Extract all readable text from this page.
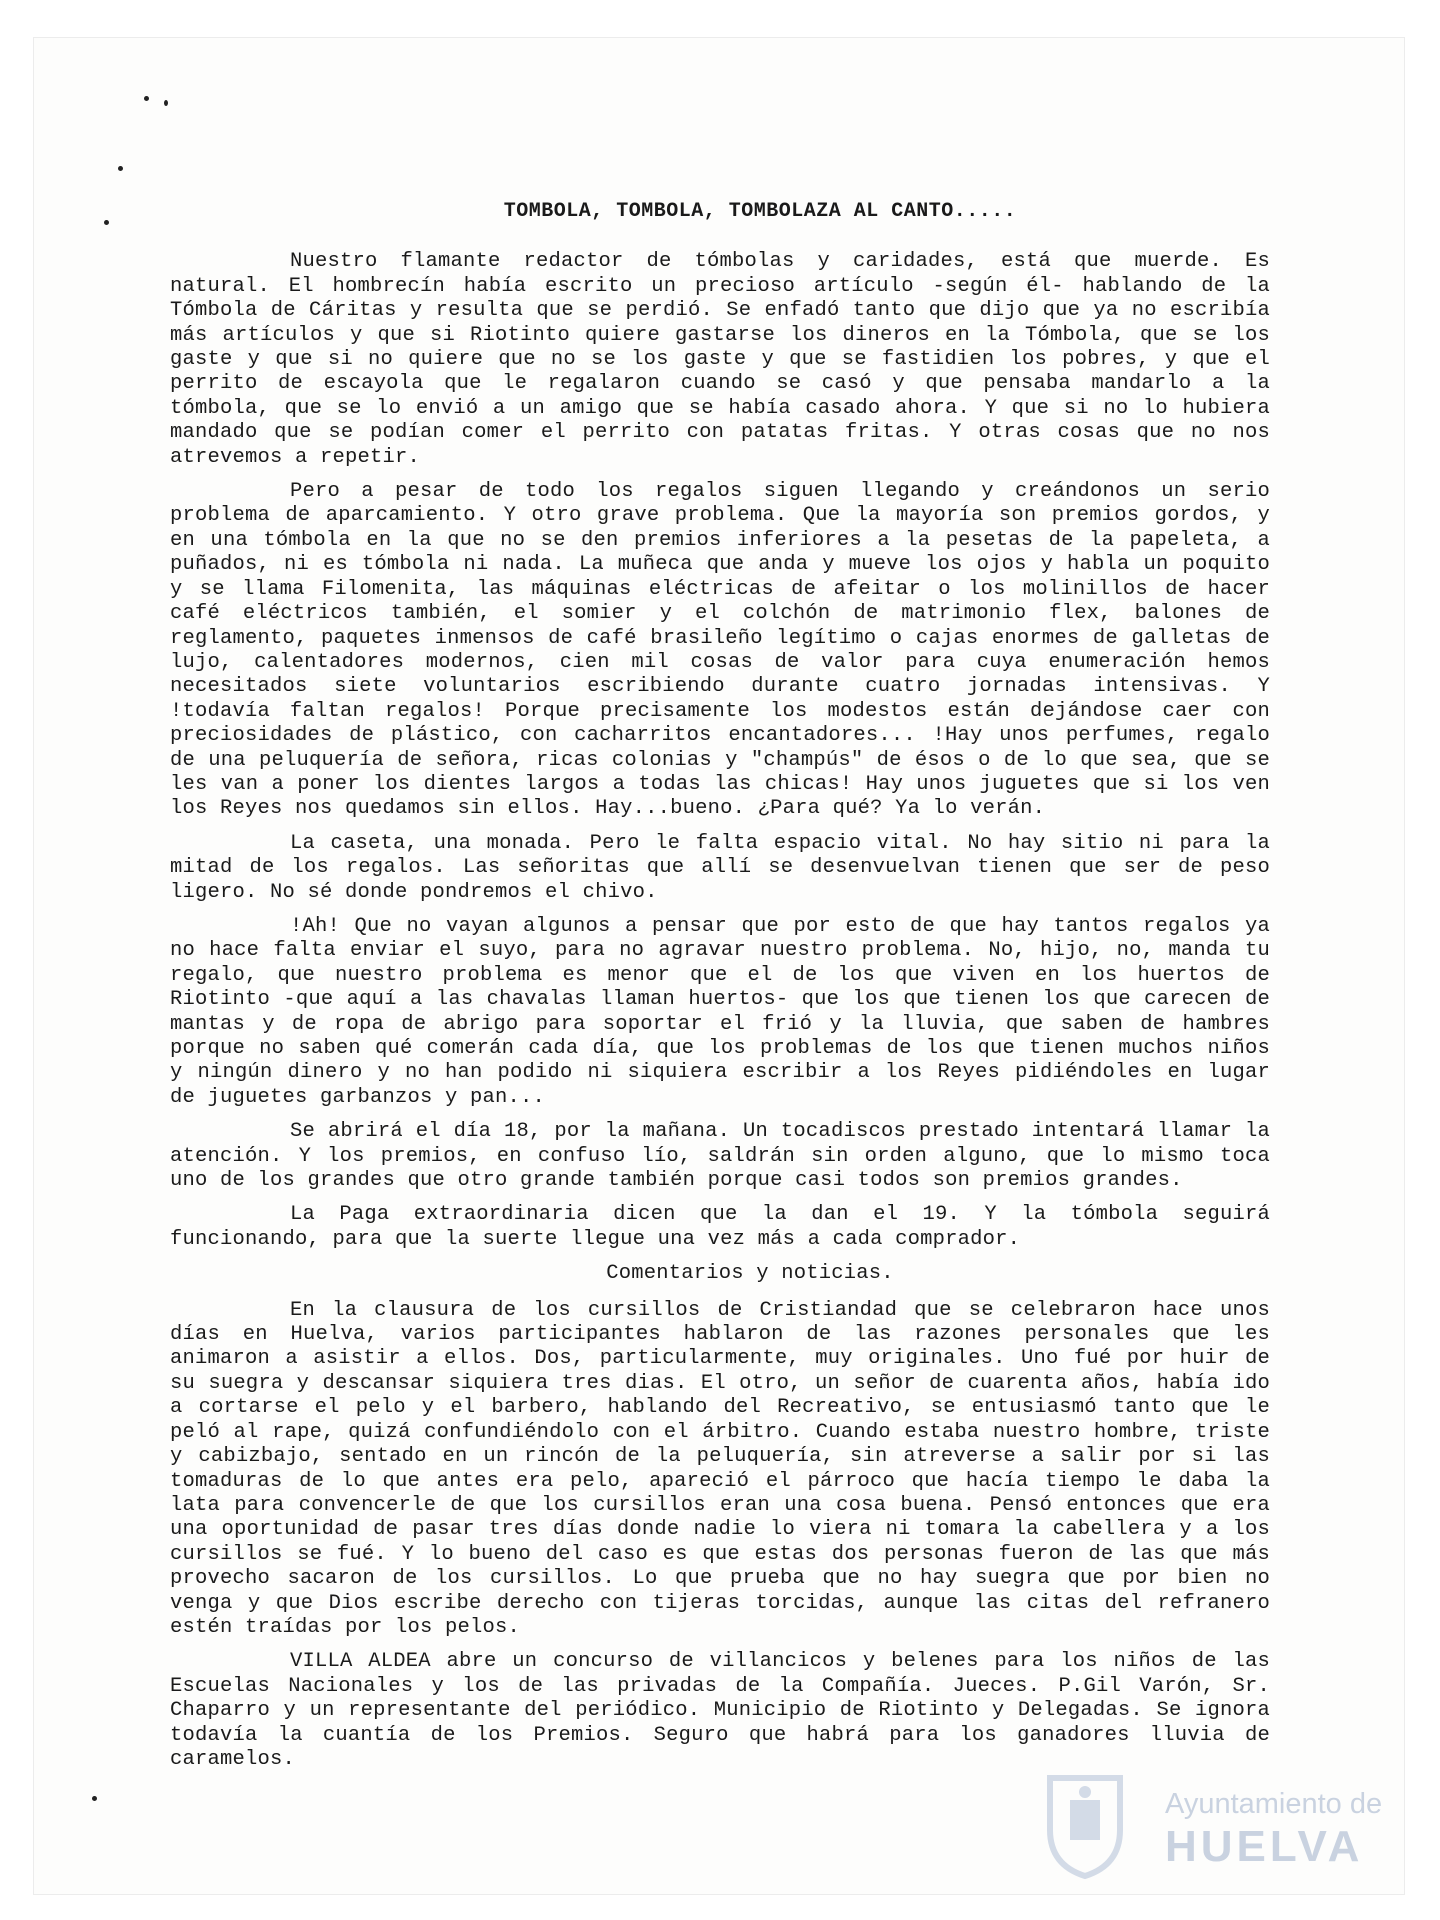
TOMBOLA, TOMBOLA, TOMBOLAZA AL CANTO.....

Nuestro flamante redactor de tómbolas y caridades, está que muerde. Es natural. El hombrecín había escrito un precioso artículo -según él- hablando de la Tómbola de Cáritas y resulta que se perdió. Se enfadó tanto que dijo que ya no escribía más artículos y que si Riotinto quiere gastarse los dineros en la Tómbola, que se los gaste y que si no quiere que no se los gaste y que se fastidien los pobres, y que el perrito de escayola que le regalaron cuando se casó y que pensaba mandarlo a la tómbola, que se lo envió a un amigo que se había casado ahora. Y que si no lo hubiera mandado que se podían comer el perrito con patatas fritas. Y otras cosas que no nos atrevemos a repetir.

Pero a pesar de todo los regalos siguen llegando y creándonos un serio problema de aparcamiento. Y otro grave problema. Que la mayoría son premios gordos, y en una tómbola en la que no se den premios inferiores a la pesetas de la papeleta, a puñados, ni es tómbola ni nada. La muñeca que anda y mueve los ojos y habla un poquito y se llama Filomenita, las máquinas eléctricas de afeitar o los molinillos de hacer café eléctricos también, el somier y el colchón de matrimonio flex, balones de reglamento, paquetes inmensos de café brasileño legítimo o cajas enormes de galletas de lujo, calentadores modernos, cien mil cosas de valor para cuya enumeración hemos necesitados siete voluntarios escribiendo durante cuatro jornadas intensivas. Y !todavía faltan regalos! Porque precisamente los modestos están dejándose caer con preciosidades de plástico, con cacharritos encantadores... !Hay unos perfumes, regalo de una peluquería de señora, ricas colonias y "champús" de ésos o de lo que sea, que se les van a poner los dientes largos a todas las chicas! Hay unos juguetes que si los ven los Reyes nos quedamos sin ellos. Hay...bueno. ¿Para qué? Ya lo verán.

La caseta, una monada. Pero le falta espacio vital. No hay sitio ni para la mitad de los regalos. Las señoritas que allí se desenvuelvan tienen que ser de peso ligero. No sé donde pondremos el chivo.

!Ah! Que no vayan algunos a pensar que por esto de que hay tantos regalos ya no hace falta enviar el suyo, para no agravar nuestro problema. No, hijo, no, manda tu regalo, que nuestro problema es menor que el de los que viven en los huertos de Riotinto -que aquí a las chavalas llaman huertos- que los que tienen los que carecen de mantas y de ropa de abrigo para soportar el frió y la lluvia, que saben de hambres porque no saben qué comerán cada día, que los problemas de los que tienen muchos niños y ningún dinero y no han podido ni siquiera escribir a los Reyes pidiéndoles en lugar de juguetes garbanzos y pan...

Se abrirá el día 18, por la mañana. Un tocadiscos prestado intentará llamar la atención. Y los premios, en confuso lío, saldrán sin orden alguno, que lo mismo toca uno de los grandes que otro grande también porque casi todos son premios grandes.

La Paga extraordinaria dicen que la dan el 19. Y la tómbola seguirá funcionando, para que la suerte llegue una vez más a cada comprador.

Comentarios y noticias.

En la clausura de los cursillos de Cristiandad que se celebraron hace unos días en Huelva, varios participantes hablaron de las razones personales que les animaron a asistir a ellos. Dos, particularmente, muy originales. Uno fué por huir de su suegra y descansar siquiera tres dias. El otro, un señor de cuarenta años, había ido a cortarse el pelo y el barbero, hablando del Recreativo, se entusiasmó tanto que le peló al rape, quizá confundiéndolo con el árbitro. Cuando estaba nuestro hombre, triste y cabizbajo, sentado en un rincón de la peluquería, sin atreverse a salir por si las tomaduras de lo que antes era pelo, apareció el párroco que hacía tiempo le daba la lata para convencerle de que los cursillos eran una cosa buena. Pensó entonces que era una oportunidad de pasar tres días donde nadie lo viera ni tomara la cabellera y a los cursillos se fué. Y lo bueno del caso es que estas dos personas fueron de las que más provecho sacaron de los cursillos. Lo que prueba que no hay suegra que por bien no venga y que Dios escribe derecho con tijeras torcidas, aunque las citas del refranero estén traídas por los pelos.

VILLA ALDEA abre un concurso de villancicos y belenes para los niños de las Escuelas Nacionales y los de las privadas de la Compañía. Jueces. P.Gil Varón, Sr. Chaparro y un representante del periódico. Municipio de Riotinto y Delegadas. Se ignora todavía la cuantía de los Premios. Seguro que habrá para los ganadores lluvia de caramelos.

Ayuntamiento de
HUELVA
